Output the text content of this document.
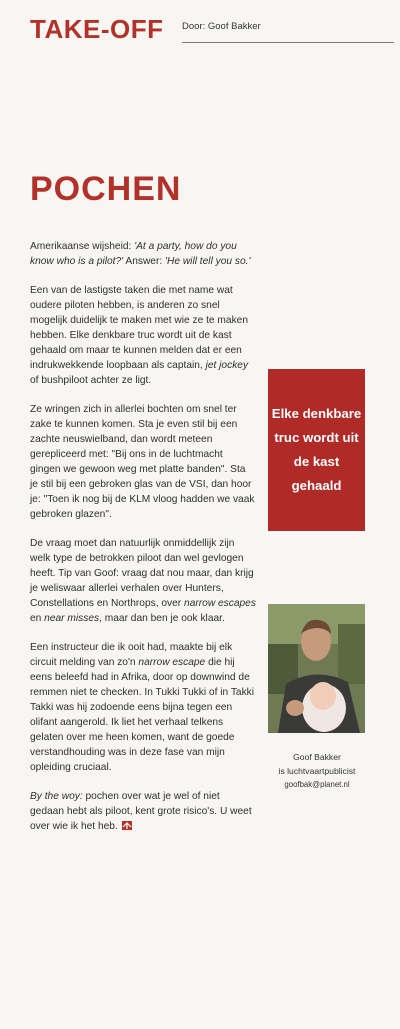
TAKE-OFF Door: Goof Bakker
POCHEN

Amerikaanse wijsheid: 'At a party, how do you know who is a pilot?' Answer: 'He will tell you so.'

Een van de lastigste taken die met name wat oudere piloten hebben, is anderen zo snel mogelijk duidelijk te maken met wie ze te maken hebben. Elke denkbare truc wordt uit de kast gehaald om maar te kunnen melden dat er een indrukwekkende loopbaan als captain, jet jockey of bushpiloot achter ze ligt.

Ze wringen zich in allerlei bochten om snel ter zake te kunnen komen. Sta je even stil bij een zachte neuswielband, dan wordt meteen gerepliceerd met: "Bij ons in de luchtmacht gingen we gewoon weg met platte banden". Sta je stil bij een gebroken glas van de VSI, dan hoor je: "Toen ik nog bij de KLM vloog hadden we vaak gebroken glazen".

De vraag moet dan natuurlijk onmiddellijk zijn welk type de betrokken piloot dan wel gevlogen heeft. Tip van Goof: vraag dat nou maar, dan krijg je weliswaar allerlei verhalen over Hunters, Constellations en Northrops, over narrow escapes en near misses, maar dan ben je ook klaar.

Een instructeur die ik ooit had, maakte bij elk circuit melding van zo'n narrow escape die hij eens beleefd had in Afrika, door op downwind de remmen niet te checken. In Tukki Tukki of in Takki Takki was hij zodoende eens bijna tegen een olifant aangerold. Ik liet het verhaal telkens gelaten over me heen komen, want de goede verstandhouding was in deze fase van mijn opleiding cruciaal.

By the woy: pochen over wat je wel of niet gedaan hebt als piloot, kent grote risico's. U weet over wie ik het heb.

Elke denkbare truc wordt uit de kast gehaald
Goof Bakker
is luchtvaartpublicist
goofbak@planet.nl
